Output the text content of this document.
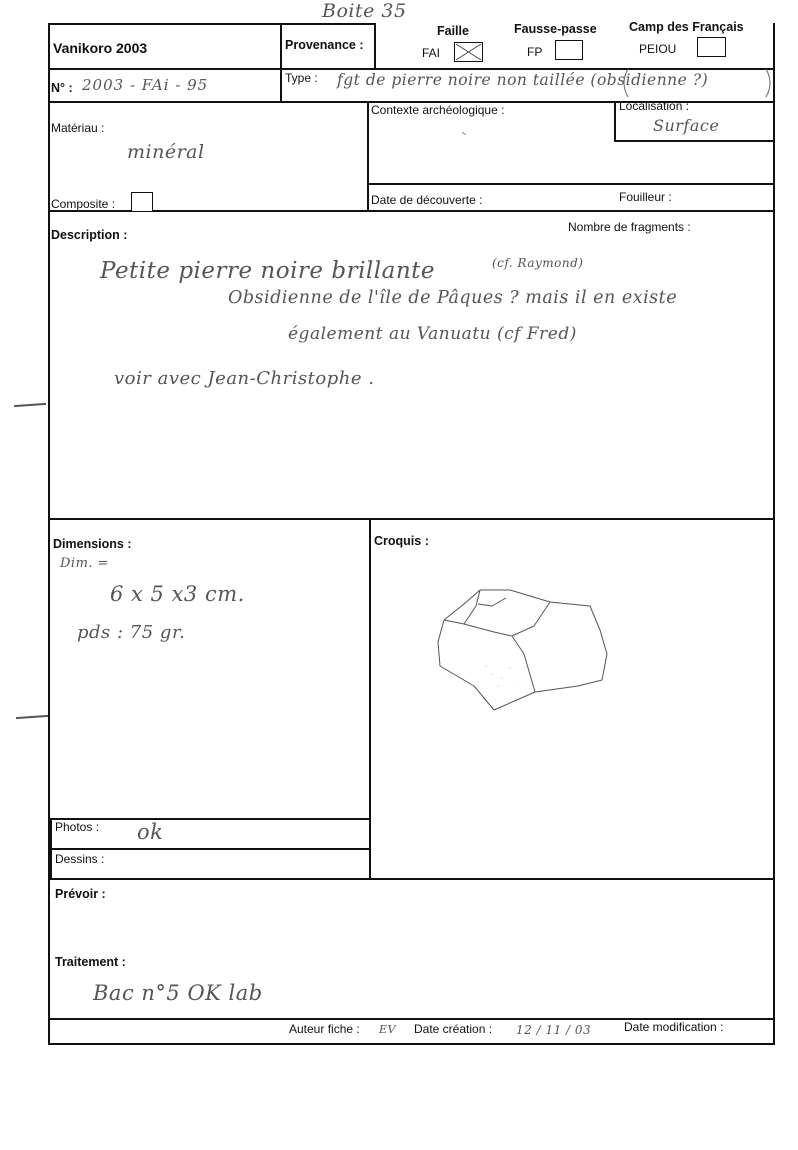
Boite 35
Vanikoro 2003	Provenance :
Faille	Fausse-passe	Camp des Français
FAI	FP	PEIOU
N° : 2003 - FAi - 95	Type : fgt de pierre noire non taillée (obsidienne ?)
Matériau :
minéral
Contexte archéologique :	Localisation :
Surface
Composite :	Date de découverte :	Fouilleur :
Description :
Nombre de fragments :
Petite pierre noire brillante	(cf. Raymond)
Obsidienne de l'île de Pâques ? mais il en existe
également au Vanuatu (cf Fred)
voir avec Jean-Christophe .
Dimensions :
Dim. =
6 x 5 x3 cm.
pds : 75 gr.
Croquis :
Photos : ok
Dessins :
Prévoir :
Traitement :
Bac n°5 OK lab
Auteur fiche : EV Date création : 12 / 11 / 03	Date modification :
